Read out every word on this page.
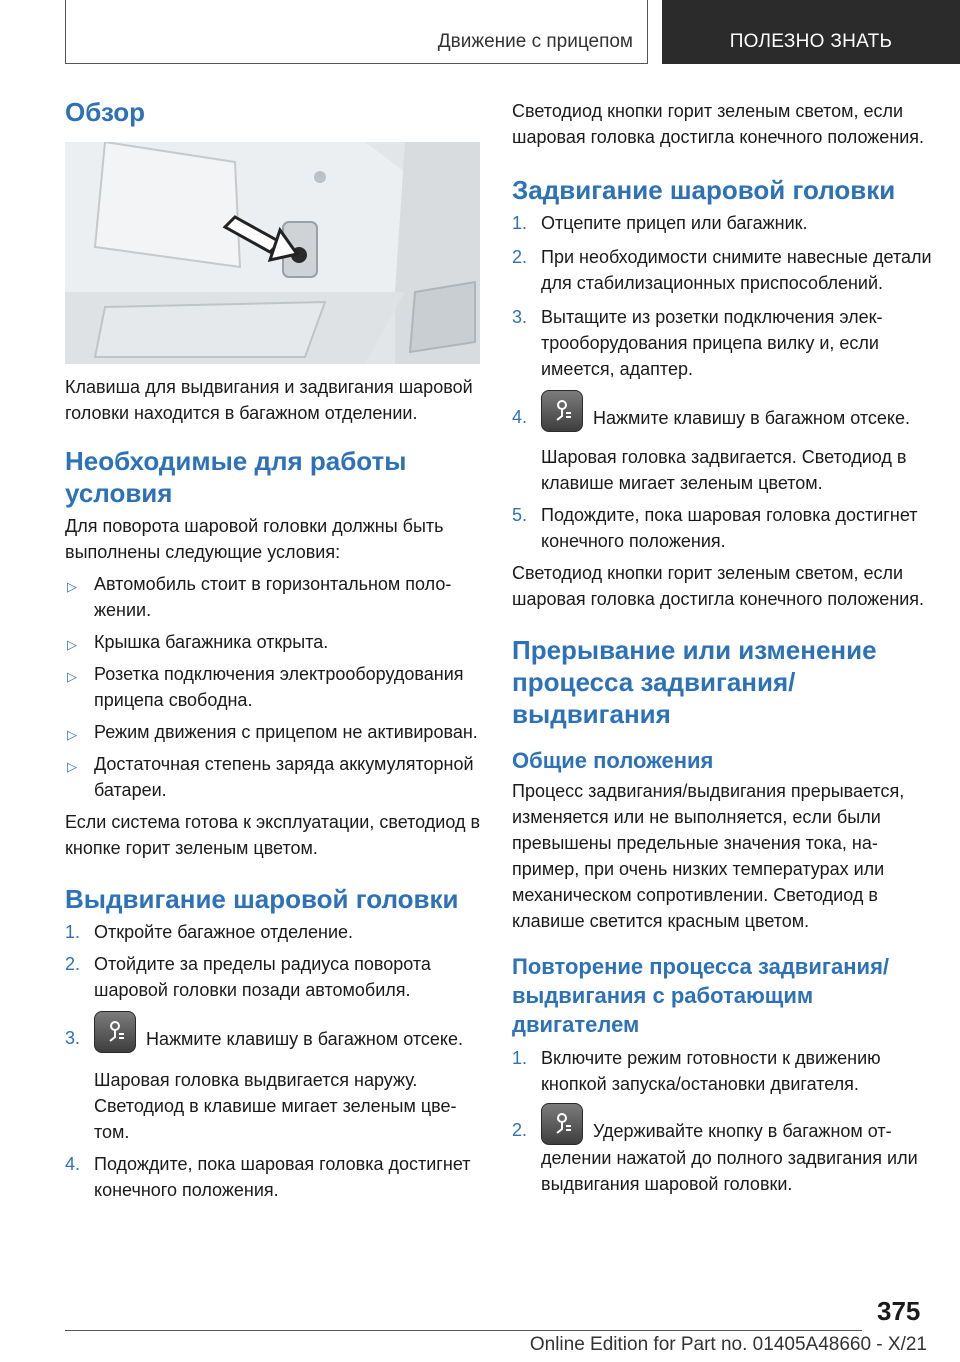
Движение с прицепом	ПОЛЕЗНО ЗНАТЬ
Обзор

Клавиша для выдвигания и задвигания шаровой головки находится в багажном отделении.

Необходимые для работы условия

Для поворота шаровой головки должны быть выполнены следующие условия:

▷ Автомобиль стоит в горизонтальном положении.
▷ Крышка багажника открыта.
▷ Розетка подключения электрооборудования прицепа свободна.
▷ Режим движения с прицепом не активирован.
▷ Достаточная степень заряда аккумуляторной батареи.

Если система готова к эксплуатации, светодиод в кнопке горит зеленым цветом.

Выдвигание шаровой головки
1. Откройте багажное отделение.
2. Отойдите за пределы радиуса поворота шаровой головки позади автомобиля.
3.	Нажмите клавишу в багажном отсеке.
Шаровая головка выдвигается наружу. Светодиод в клавише мигает зеленым цветом.
4. Подождите, пока шаровая головка достигнет конечного положения.

Светодиод кнопки горит зеленым светом, если шаровая головка достигла конечного положения.

Задвигание шаровой головки
1. Отцепите прицеп или багажник.
2. При необходимости снимите навесные детали для стабилизационных приспособлений.
3. Вытащите из розетки подключения электрооборудования прицепа вилку и, если имеется, адаптер.
4.	Нажмите клавишу в багажном отсеке.
Шаровая головка задвигается. Светодиод в клавише мигает зеленым цветом.
5. Подождите, пока шаровая головка достигнет конечного положения.

Светодиод кнопки горит зеленым светом, если шаровая головка достигла конечного положения.

Прерывание или изменение процесса задвигания/выдвигания
Общие положения

Процесс задвигания/выдвигания прерывается, изменяется или не выполняется, если были превышены предельные значения тока, например, при очень низких температурах или механическом сопротивлении. Светодиод в клавише светится красным цветом.

Повторение процесса задвигания/выдвигания с работающим двигателем
1. Включите режим готовности к движению кнопкой запуска/остановки двигателя.
2.	Удерживайте кнопку в багажном отделении нажатой до полного задвигания или выдвигания шаровой головки.
375
Online Edition for Part no. 01405A48660 - X/21
